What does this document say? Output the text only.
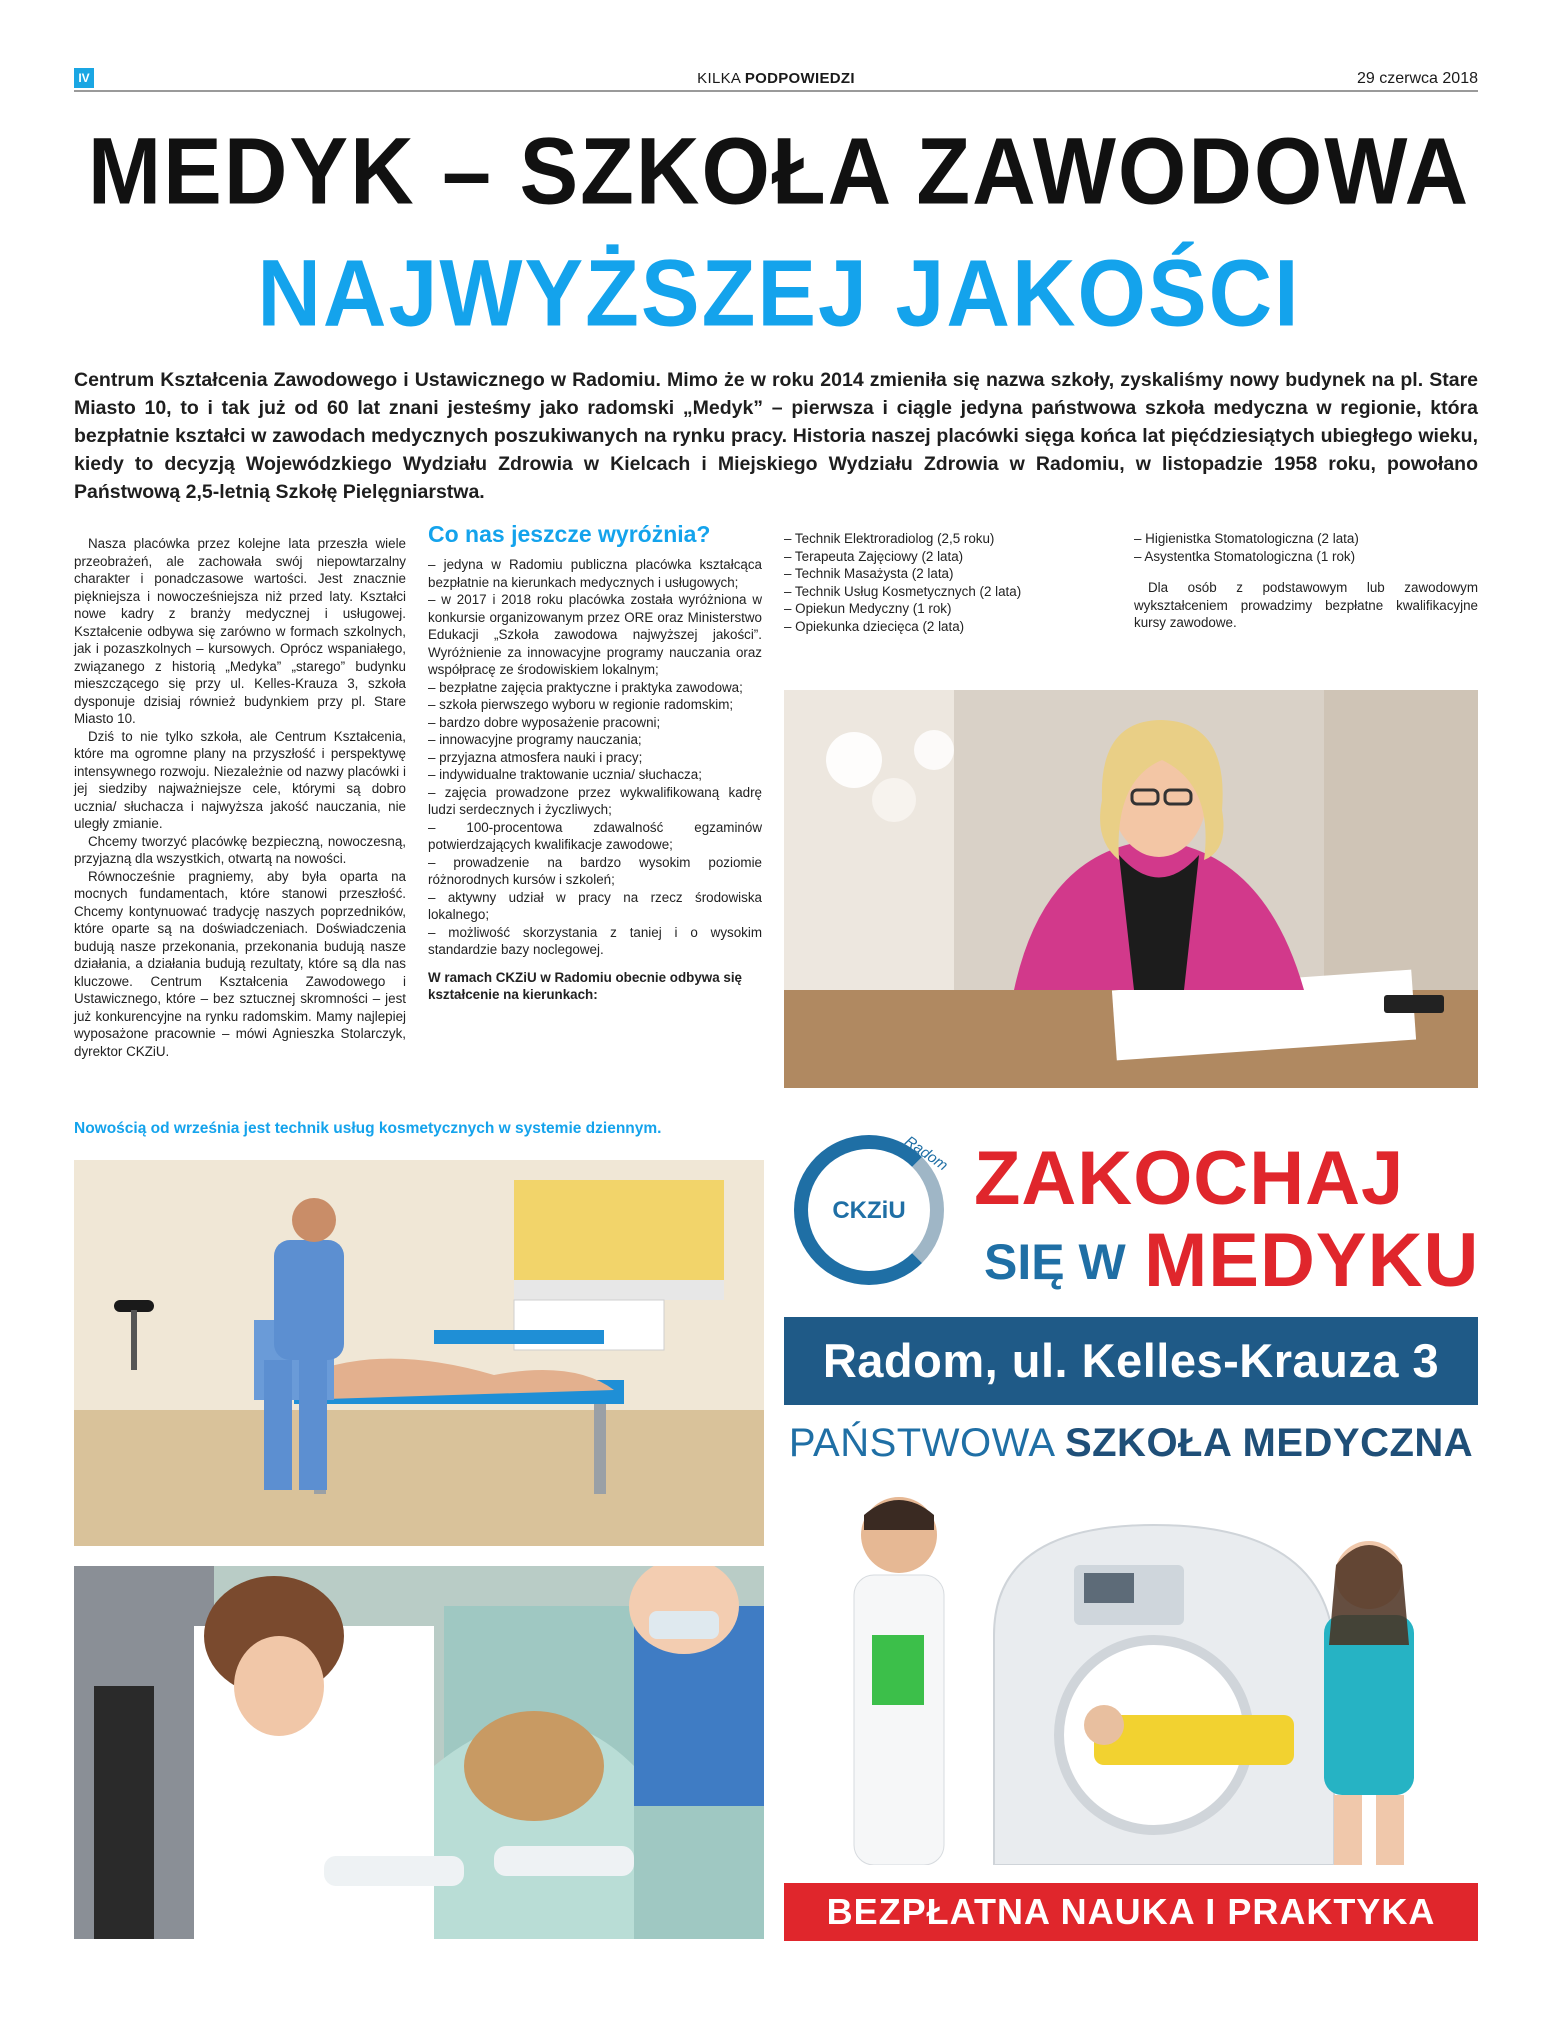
IV	KILKA PODPOWIEDZI	29 czerwca 2018
MEDYK – SZKOŁA ZAWODOWA
NAJWYŻSZEJ JAKOŚCI
Centrum Kształcenia Zawodowego i Ustawicznego w Radomiu. Mimo że w roku 2014 zmieniła się nazwa szkoły, zyskaliśmy nowy budynek na pl. Stare Miasto 10, to i tak już od 60 lat znani jesteśmy jako radomski „Medyk” – pierwsza i ciągle jedyna państwowa szkoła medyczna w regionie, która bezpłatnie kształci w zawodach medycznych poszukiwanych na rynku pracy. Historia naszej placówki sięga końca lat pięćdziesiątych ubiegłego wieku, kiedy to decyzją Wojewódzkiego Wydziału Zdrowia w Kielcach i Miejskiego Wydziału Zdrowia w Radomiu, w listopadzie 1958 roku, powołano Państwową 2,5-letnią Szkołę Pielęgniarstwa.

Nasza placówka przez kolejne lata przeszła wiele przeobrażeń, ale zachowała swój niepowtarzalny charakter i ponadczasowe wartości. Jest znacznie piękniejsza i nowocześniejsza niż przed laty. Kształci nowe kadry z branży medycznej i usługowej. Kształcenie odbywa się zarówno w formach szkolnych, jak i pozaszkolnych – kursowych. Oprócz wspaniałego, związanego z historią „Medyka” „starego” budynku mieszczącego się przy ul. Kelles-Krauza 3, szkoła dysponuje dzisiaj również budynkiem przy pl. Stare Miasto 10.

Dziś to nie tylko szkoła, ale Centrum Kształcenia, które ma ogromne plany na przyszłość i perspektywę intensywnego rozwoju. Niezależnie od nazwy placówki i jej siedziby najważniejsze cele, którymi są dobro ucznia/ słuchacza i najwyższa jakość nauczania, nie uległy zmianie.

Chcemy tworzyć placówkę bezpieczną, nowoczesną, przyjazną dla wszystkich, otwartą na nowości.

Równocześnie pragniemy, aby była oparta na mocnych fundamentach, które stanowi przeszłość. Chcemy kontynuować tradycję naszych poprzedników, które oparte są na doświadczeniach. Doświadczenia budują nasze przekonania, przekonania budują nasze działania, a działania budują rezultaty, które są dla nas kluczowe. Centrum Kształcenia Zawodowego i Ustawicznego, które – bez sztucznej skromności – jest już konkurencyjne na rynku radomskim. Mamy najlepiej wyposażone pracownie – mówi Agnieszka Stolarczyk, dyrektor CKZiU.

Co nas jeszcze wyróżnia?
– jedyna w Radomiu publiczna placówka kształcąca bezpłatnie na kierunkach medycznych i usługowych;
– w 2017 i 2018 roku placówka została wyróżniona w konkursie organizowanym przez ORE oraz Ministerstwo Edukacji „Szkoła zawodowa najwyższej jakości”. Wyróżnienie za innowacyjne programy nauczania oraz współpracę ze środowiskiem lokalnym;
– bezpłatne zajęcia praktyczne i praktyka zawodowa;
– szkoła pierwszego wyboru w regionie radomskim;
– bardzo dobre wyposażenie pracowni;
– innowacyjne programy nauczania;
– przyjazna atmosfera nauki i pracy;
– indywidualne traktowanie ucznia/ słuchacza;
– zajęcia prowadzone przez wykwalifikowaną kadrę ludzi serdecznych i życzliwych;
– 100-procentowa zdawalność egzaminów potwierdzających kwalifikacje zawodowe;
– prowadzenie na bardzo wysokim poziomie różnorodnych kursów i szkoleń;
– aktywny udział w pracy na rzecz środowiska lokalnego;
– możliwość skorzystania z taniej i o wysokim standardzie bazy noclegowej.
W ramach CKZiU w Radomiu obecnie odbywa się kształcenie na kierunkach:
– Technik Elektroradiolog (2,5 roku)
– Terapeuta Zajęciowy (2 lata)
– Technik Masażysta (2 lata)
– Technik Usług Kosmetycznych (2 lata)
– Opiekun Medyczny (1 rok)
– Opiekunka dziecięca (2 lata)
– Higienistka Stomatologiczna (2 lata)
– Asystentka Stomatologiczna (1 rok)

Dla osób z podstawowym lub zawodowym wykształceniem prowadzimy bezpłatne kwalifikacyjne kursy zawodowe.

Nowością od września jest technik usług kosmetycznych w systemie dziennym.
CKZiU
Radom ZAKOCHAJ
SIĘ W MEDYKU
Radom, ul. Kelles-Krauza 3
PAŃSTWOWA SZKOŁA MEDYCZNA
BEZPŁATNA NAUKA I PRAKTYKA
